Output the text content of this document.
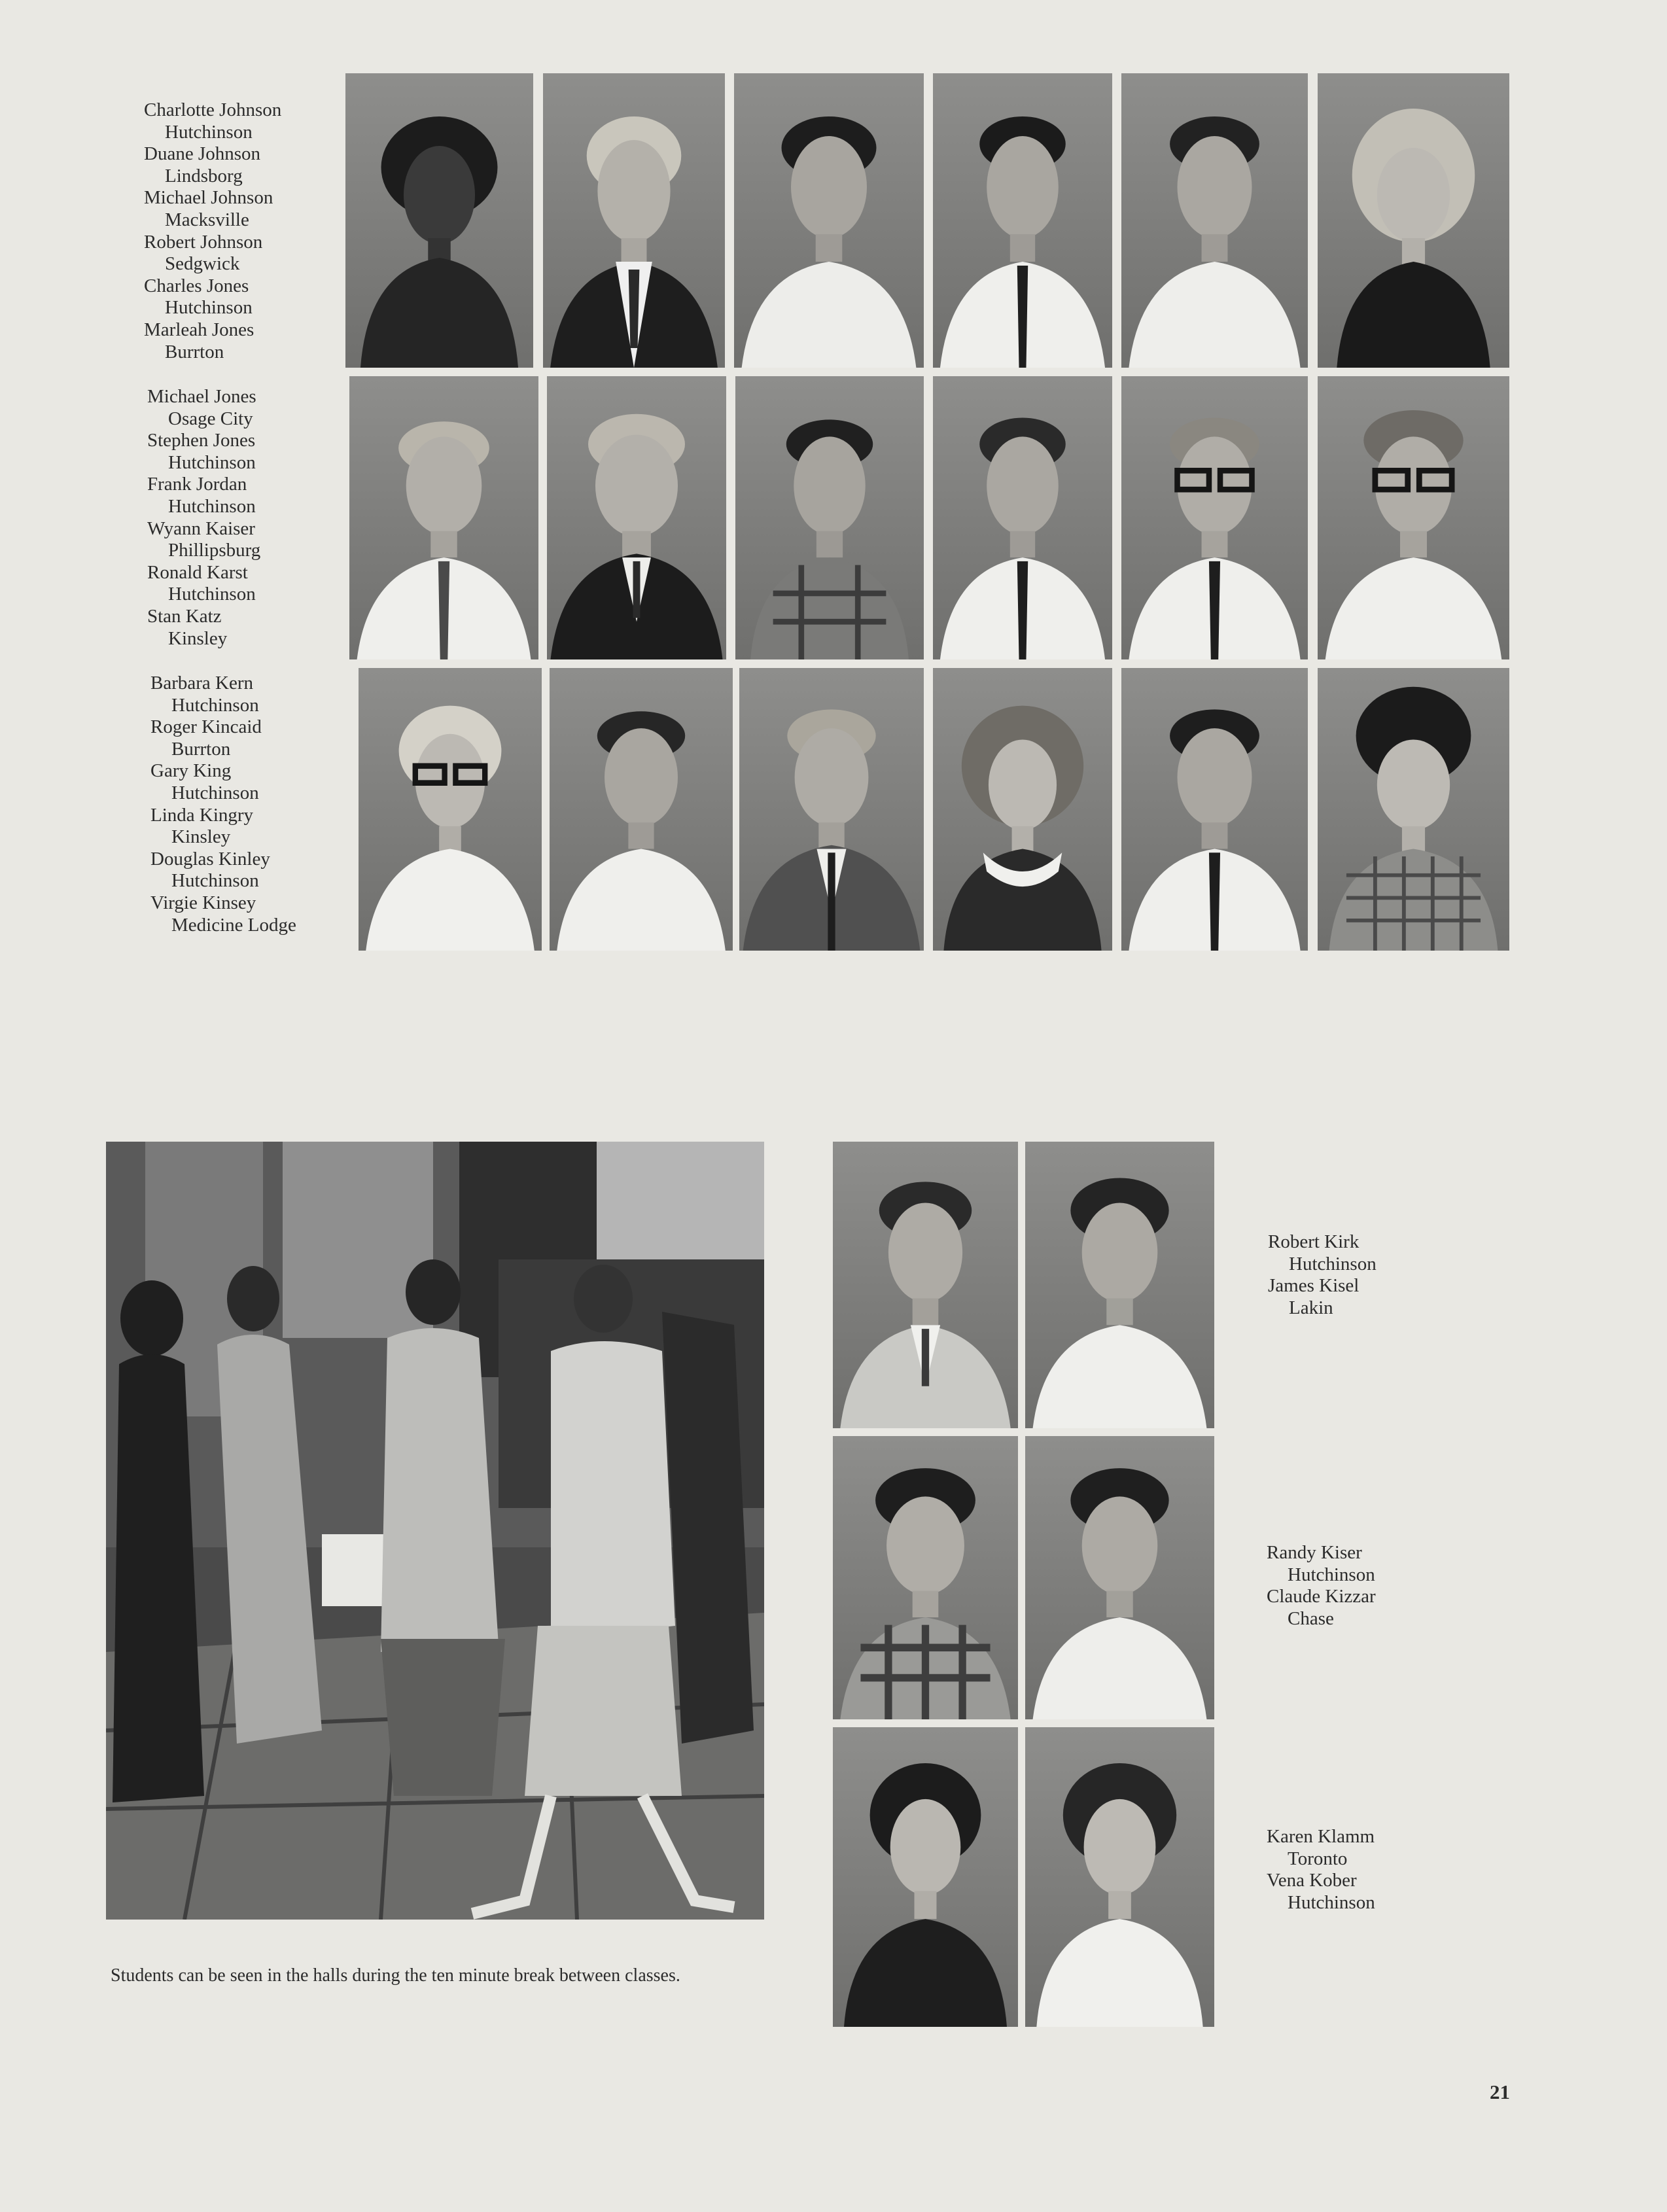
Charlotte Johnson
Hutchinson
Duane Johnson
Lindsborg
Michael Johnson
Macksville
Robert Johnson
Sedgwick
Charles Jones
Hutchinson
Marleah Jones
Burrton
Michael Jones
Osage City
Stephen Jones
Hutchinson
Frank Jordan
Hutchinson
Wyann Kaiser
Phillipsburg
Ronald Karst
Hutchinson
Stan Katz
Kinsley
Barbara Kern
Hutchinson
Roger Kincaid
Burrton
Gary King
Hutchinson
Linda Kingry
Kinsley
Douglas Kinley
Hutchinson
Virgie Kinsey
Medicine Lodge
Robert Kirk
Hutchinson
James Kisel
Lakin
Randy Kiser
Hutchinson
Claude Kizzar
Chase
Karen Klamm
Toronto
Vena Kober
Hutchinson
Students can be seen in the halls during the ten minute break between classes.
21
